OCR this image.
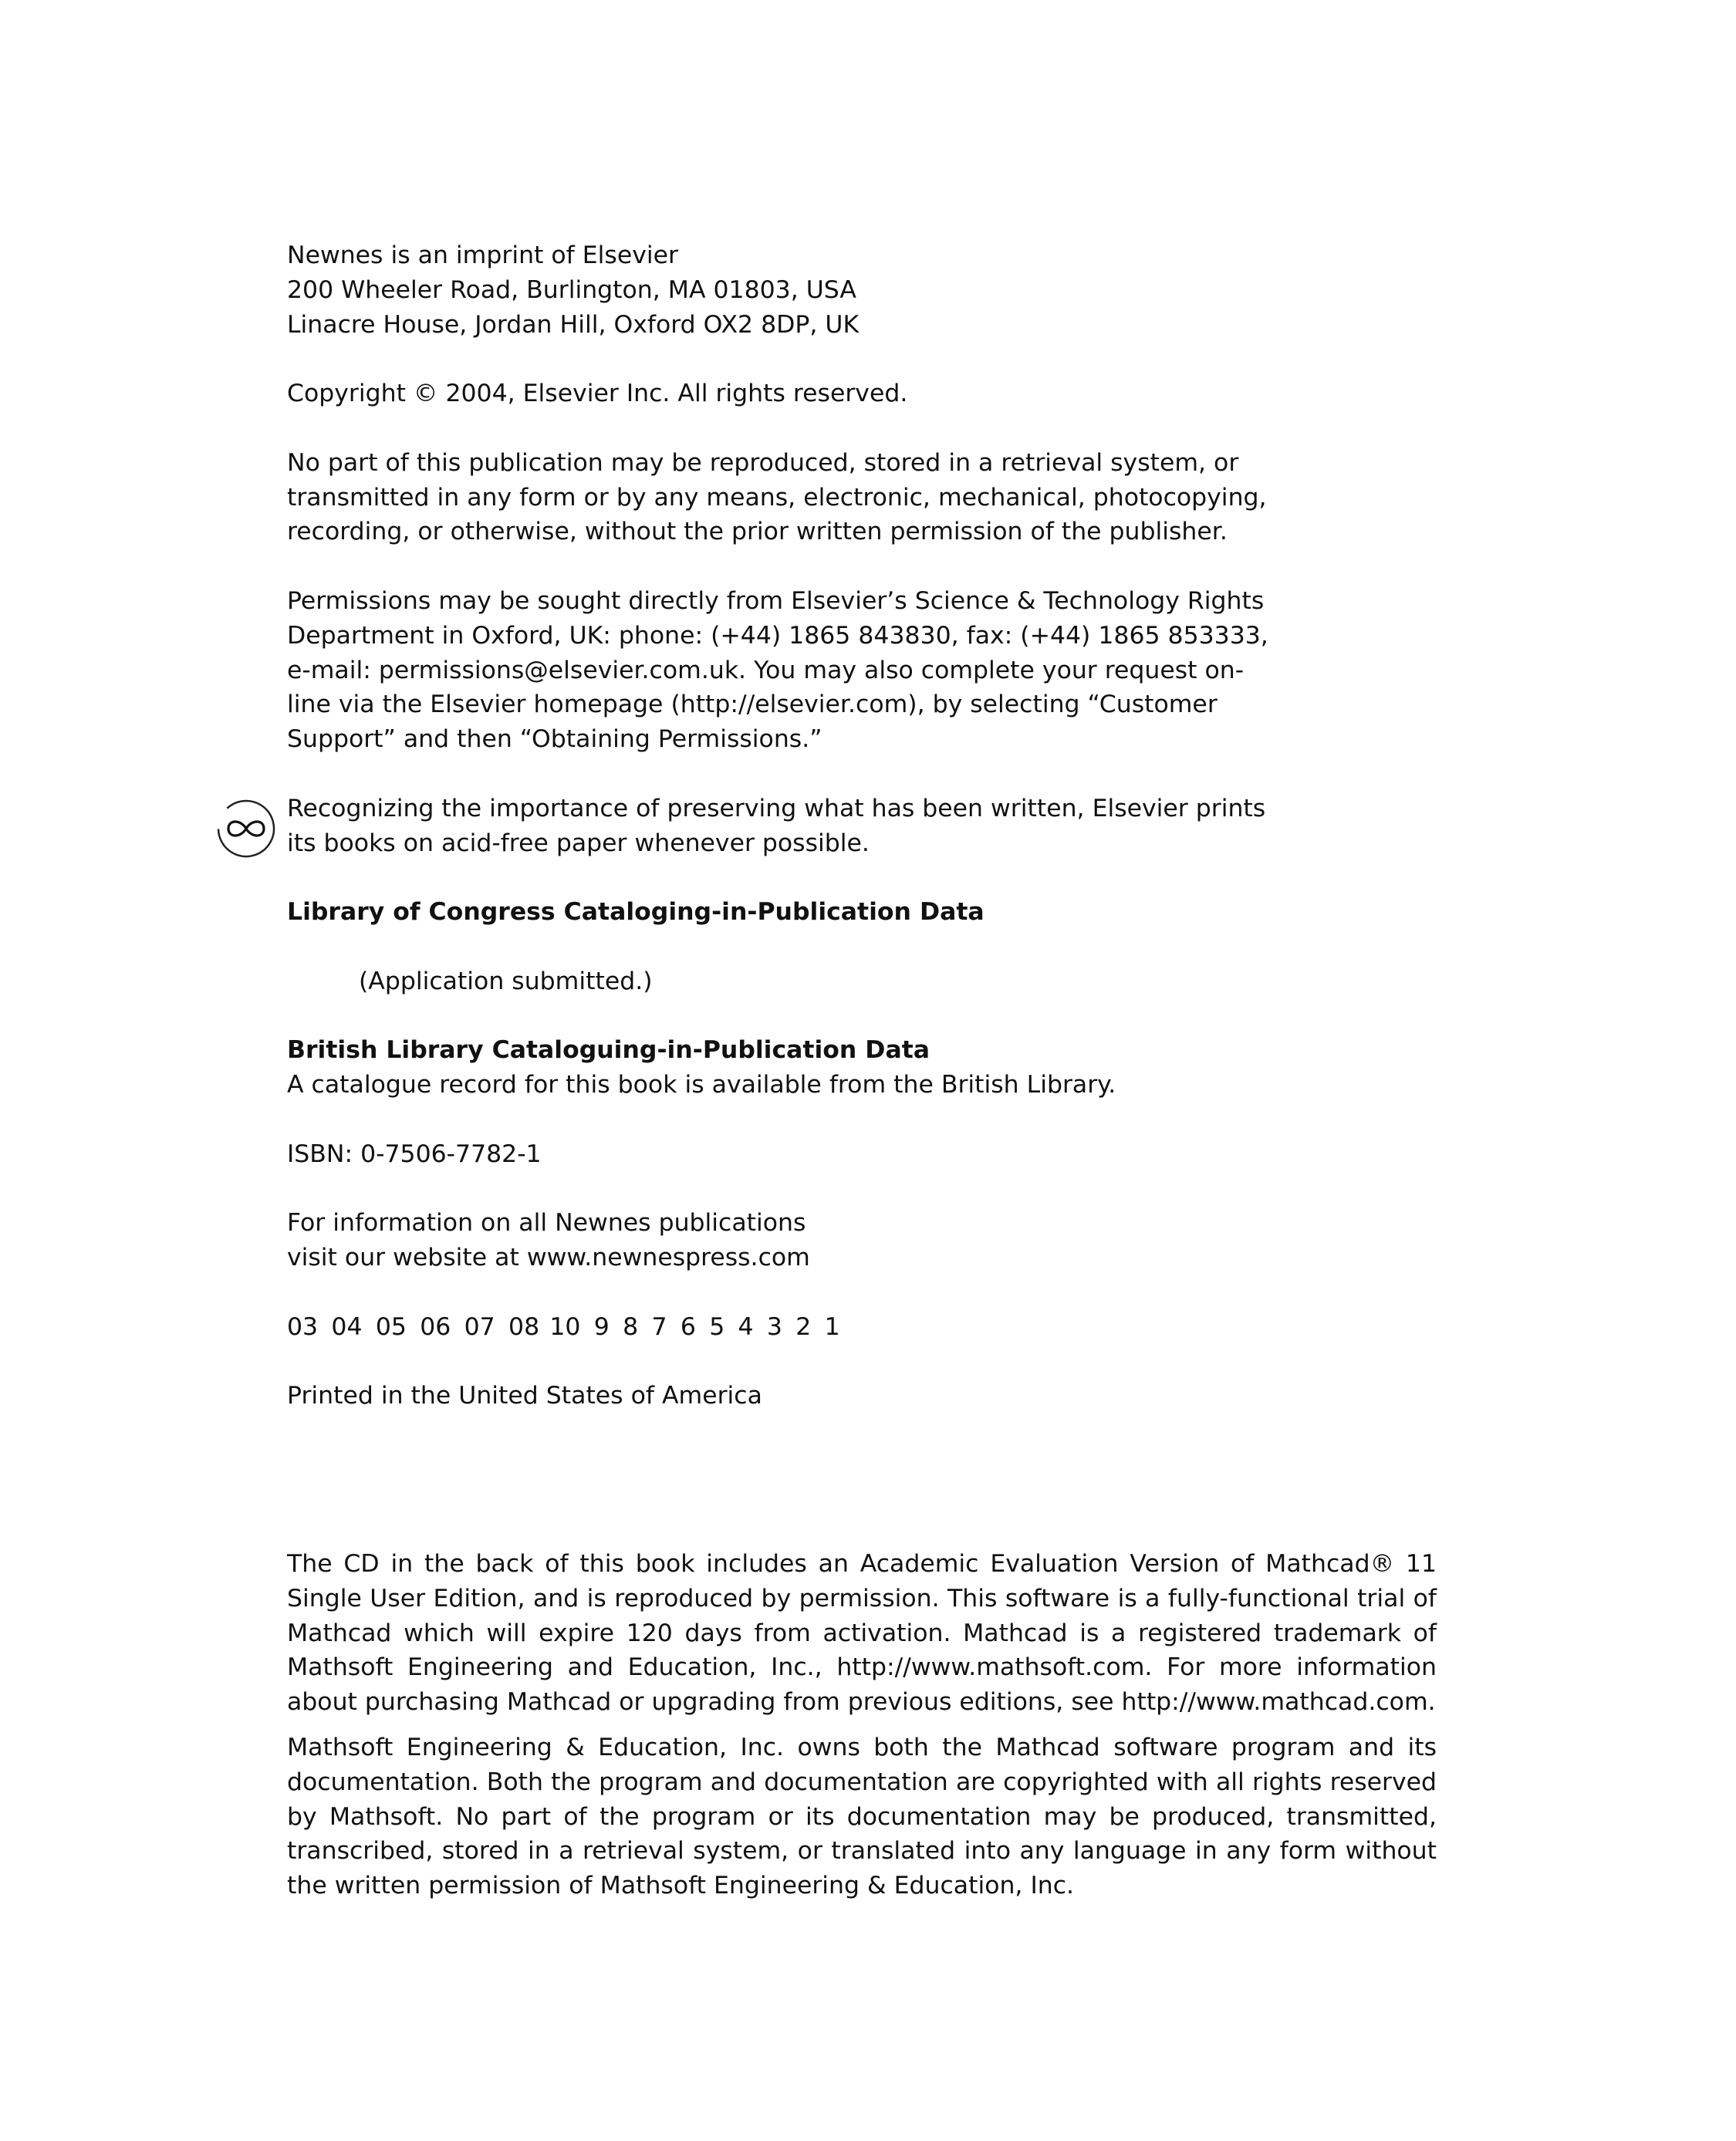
Newnes is an imprint of Elsevier
200 Wheeler Road, Burlington, MA 01803, USA
Linacre House, Jordan Hill, Oxford OX2 8DP, UK
Copyright © 2004, Elsevier Inc. All rights reserved.
No part of this publication may be reproduced, stored in a retrieval system, or
transmitted in any form or by any means, electronic, mechanical, photocopying,
recording, or otherwise, without the prior written permission of the publisher.
Permissions may be sought directly from Elsevier’s Science & Technology Rights
Department in Oxford, UK: phone: (+44) 1865 843830, fax: (+44) 1865 853333,
e-mail: permissions@elsevier.com.uk. You may also complete your request on-
line via the Elsevier homepage (http://elsevier.com), by selecting “Customer
Support” and then “Obtaining Permissions.”
Recognizing the importance of preserving what has been written, Elsevier prints
its books on acid-free paper whenever possible.
Library of Congress Cataloging-in-Publication Data
(Application submitted.)
British Library Cataloguing-in-Publication Data
A catalogue record for this book is available from the British Library.
ISBN: 0-7506-7782-1
For information on all Newnes publications
visit our website at www.newnespress.com
03 04 05 06 07 08 10 9 8 7 6 5 4 3 2 1
Printed in the United States of America

The CD in the back of this book includes an Academic Evaluation Version of Mathcad® 11 Single User Edition, and is reproduced by permission. This software is a fully-functional trial of Mathcad which will expire 120 days from activation. Mathcad is a registered trademark of Mathsoft Engineering and Education, Inc., http://www.mathsoft.com. For more information about purchasing Mathcad or upgrading from previous editions, see http://www.mathcad.com.

Mathsoft Engineering & Education, Inc. owns both the Mathcad software program and its documentation. Both the program and documentation are copyrighted with all rights reserved by Mathsoft. No part of the program or its documentation may be produced, transmitted, transcribed, stored in a retrieval system, or translated into any language in any form without the written permission of Mathsoft Engineering & Education, Inc.
